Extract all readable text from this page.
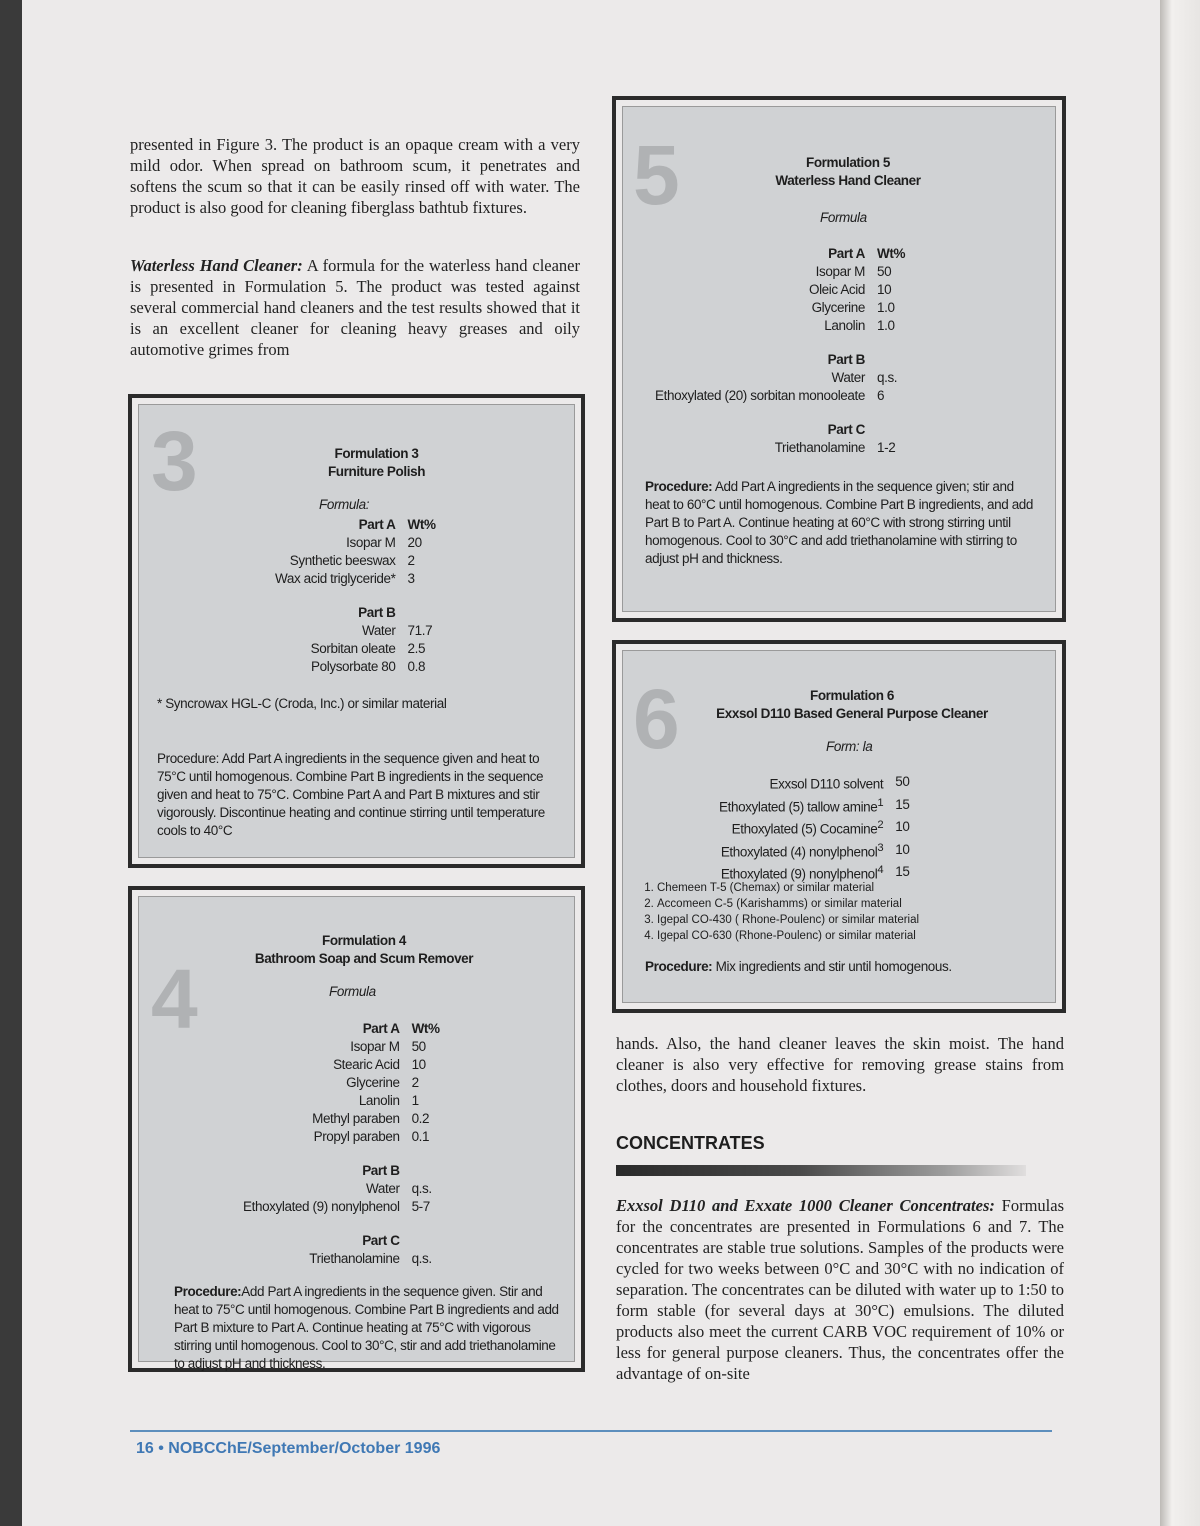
presented in Figure 3. The product is an opaque cream with a very mild odor. When spread on bathroom scum, it penetrates and softens the scum so that it can be easily rinsed off with water. The product is also good for cleaning fiberglass bathtub fixtures.

Waterless Hand Cleaner: A formula for the waterless hand cleaner is presented in Formulation 5. The product was tested against several commercial hand cleaners and the test results showed that it is an excellent cleaner for cleaning heavy greases and oily automotive grimes from

3	Formulation 3
Furniture Polish
Formula:
Part A	Wt%
Isopar M	20
Synthetic beeswax	2
Wax acid triglyceride*	3

Part B	
Water	71.7
Sorbitan oleate	2.5
Polysorbate 80	0.8
* Syncrowax HGL-C (Croda, Inc.) or similar material
Procedure: Add Part A ingredients in the sequence given and heat to 75°C until homogenous. Combine Part B ingredients in the sequence given and heat to 75°C. Combine Part A and Part B mixtures and stir vigorously. Discontinue heating and continue stirring until temperature cools to 40°C
4
Formulation 4
Bathroom Soap and Scum Remover
Formula
Part A	Wt%
Isopar M	50
Stearic Acid	10
Glycerine	2
Lanolin	1
Methyl paraben	0.2
Propyl paraben	0.1

Part B	
Water	q.s.
Ethoxylated (9) nonylphenol	5-7

Part C	
Triethanolamine	q.s.
Procedure:Add Part A ingredients in the sequence given. Stir and heat to 75°C until homogenous. Combine Part B ingredients and add Part B mixture to Part A. Continue heating at 75°C with vigorous stirring until homogenous. Cool to 30°C, stir and add triethanolamine to adjust pH and thickness.
5	Formulation 5
Waterless Hand Cleaner
Formula
Part A	Wt%
Isopar M	50
Oleic Acid	10
Glycerine	1.0
Lanolin	1.0

Part B	
Water	q.s.
Ethoxylated (20) sorbitan monooleate	6

Part C	
Triethanolamine	1-2
Procedure: Add Part A ingredients in the sequence given; stir and heat to 60°C until homogenous. Combine Part B ingredients, and add Part B to Part A. Continue heating at 60°C with strong stirring until homogenous. Cool to 30°C and add triethanolamine with stirring to adjust pH and thickness.
6	Formulation 6
Exxsol D110 Based General Purpose Cleaner
Form: la
Exxsol D110 solvent	50
Ethoxylated (5) tallow amine$^1$	15
Ethoxylated (5) Cocamine$^2$	10
Ethoxylated (4) nonylphenol$^3$	10
Ethoxylated (9) nonylphenol$^4$	15
1. Chemeen T-5 (Chemax) or similar material
2. Accomeen C-5 (Karishamms) or similar material
3. Igepal CO-430 ( Rhone-Poulenc) or similar material
4. Igepal CO-630 (Rhone-Poulenc) or similar material
Procedure: Mix ingredients and stir until homogenous.

hands. Also, the hand cleaner leaves the skin moist. The hand cleaner is also very effective for removing grease stains from clothes, doors and household fixtures.

CONCENTRATES

Exxsol D110 and Exxate 1000 Cleaner Concentrates: Formulas for the concentrates are presented in Formulations 6 and 7. The concentrates are stable true solutions. Samples of the products were cycled for two weeks between 0°C and 30°C with no indication of separation. The concentrates can be diluted with water up to 1:50 to form stable (for several days at 30°C) emulsions. The diluted products also meet the current CARB VOC requirement of 10% or less for general purpose cleaners. Thus, the concentrates offer the advantage of on-site

16 • NOBCChE/September/October 1996
